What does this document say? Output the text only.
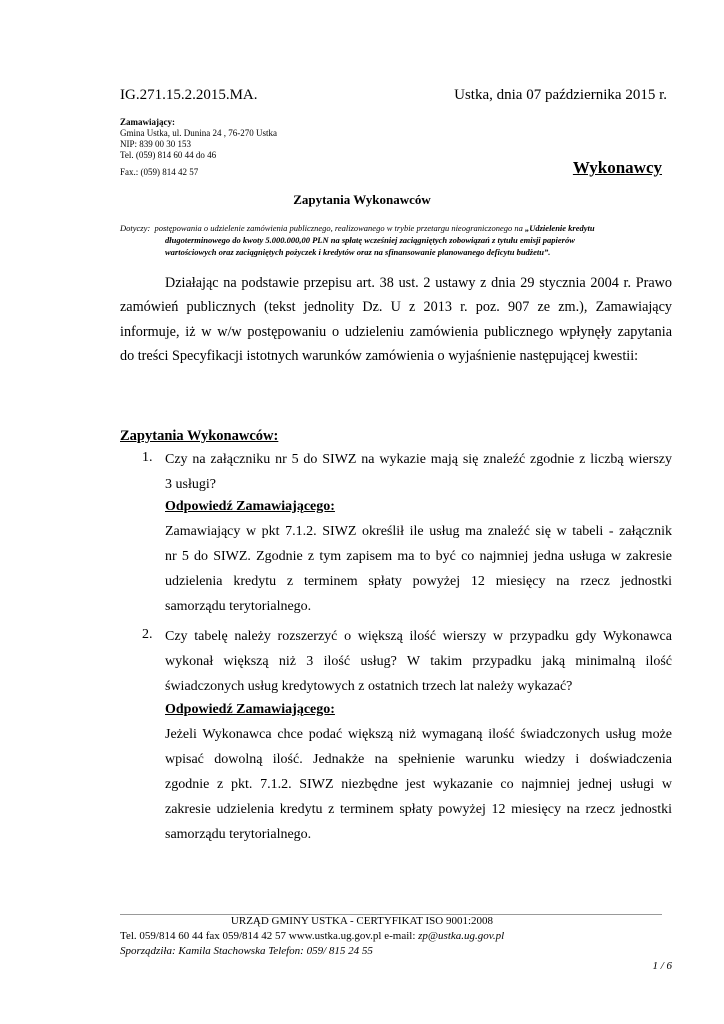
IG.271.15.2.2015.MA.	Ustka, dnia 07 października 2015 r.
Zamawiający:
Gmina Ustka, ul. Dunina 24 , 76-270 Ustka
NIP: 839 00 30 153
Tel. (059) 814 60 44 do 46
Fax.: (059) 814 42 57	Wykonawcy
Zapytania Wykonawców
Dotyczy: postępowania o udzielenie zamówienia publicznego, realizowanego w trybie przetargu nieograniczonego na „Udzielenie kredytu
długoterminowego do kwoty 5.000.000,00 PLN na spłatę wcześniej zaciągniętych zobowiązań z tytułu emisji papierów
wartościowych oraz zaciągniętych pożyczek i kredytów oraz na sfinansowanie planowanego deficytu budżetu”.
Działając na podstawie przepisu art. 38 ust. 2 ustawy z dnia 29 stycznia 2004 r. Prawo
zamówień publicznych (tekst jednolity Dz. U z 2013 r. poz. 907 ze zm.), Zamawiający
informuje, iż w w/w postępowaniu o udzieleniu zamówienia publicznego wpłynęły zapytania
do treści Specyfikacji istotnych warunków zamówienia o wyjaśnienie następującej kwestii:
Zapytania Wykonawców:
1. Czy na załączniku nr 5 do SIWZ na wykazie mają się znaleźć zgodnie z liczbą wierszy
3 usługi?
Odpowiedź Zamawiającego:
Zamawiający w pkt 7.1.2. SIWZ określił ile usług ma znaleźć się w tabeli - załącznik
nr 5 do SIWZ. Zgodnie z tym zapisem ma to być co najmniej jedna usługa w zakresie
udzielenia kredytu z terminem spłaty powyżej 12 miesięcy na rzecz jednostki
samorządu terytorialnego.
2. Czy tabelę należy rozszerzyć o większą ilość wierszy w przypadku gdy Wykonawca
wykonał większą niż 3 ilość usług? W takim przypadku jaką minimalną ilość
świadczonych usług kredytowych z ostatnich trzech lat należy wykazać?
Odpowiedź Zamawiającego:
Jeżeli Wykonawca chce podać większą niż wymaganą ilość świadczonych usług może
wpisać dowolną ilość. Jednakże na spełnienie warunku wiedzy i doświadczenia
zgodnie z pkt. 7.1.2. SIWZ niezbędne jest wykazanie co najmniej jednej usługi w
zakresie udzielenia kredytu z terminem spłaty powyżej 12 miesięcy na rzecz jednostki
samorządu terytorialnego.
URZĄD GMINY USTKA - CERTYFIKAT ISO 9001:2008
Tel. 059/814 60 44 fax 059/814 42 57 www.ustka.ug.gov.pl e-mail: zp@ustka.ug.gov.pl
Sporządziła: Kamila Stachowska Telefon: 059/ 815 24 55
1 / 6
